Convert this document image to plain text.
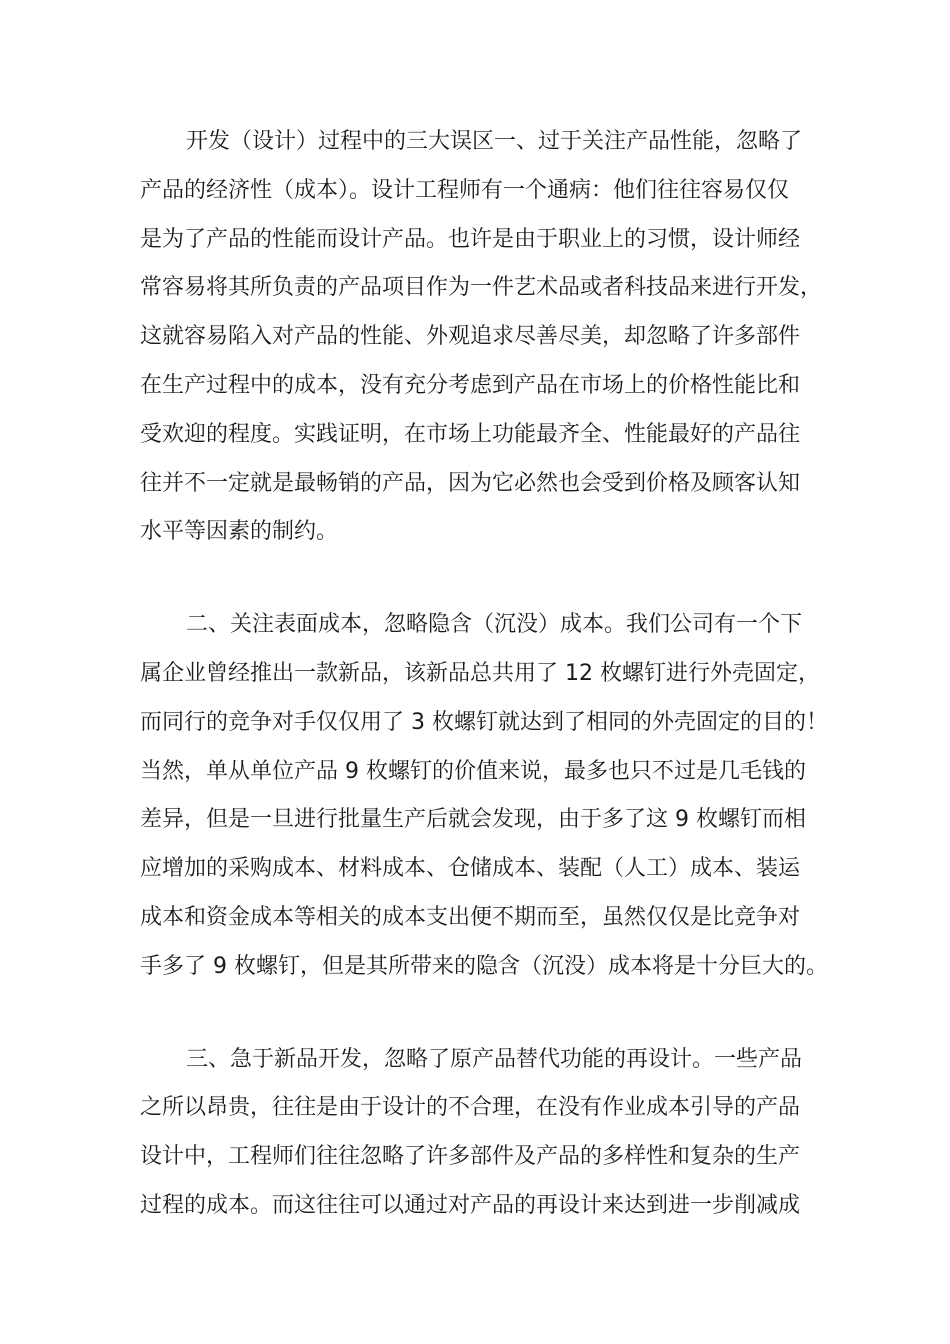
开发（设计）过程中的三大误区一、过于关注产品性能，忽略了
产品的经济性（成本）。设计工程师有一个通病：他们往往容易仅仅
是为了产品的性能而设计产品。也许是由于职业上的习惯，设计师经
常容易将其所负责的产品项目作为一件艺术品或者科技品来进行开发，
这就容易陷入对产品的性能、外观追求尽善尽美，却忽略了许多部件
在生产过程中的成本，没有充分考虑到产品在市场上的价格性能比和
受欢迎的程度。实践证明，在市场上功能最齐全、性能最好的产品往
往并不一定就是最畅销的产品，因为它必然也会受到价格及顾客认知
水平等因素的制约。
二、关注表面成本，忽略隐含（沉没）成本。我们公司有一个下
属企业曾经推出一款新品，该新品总共用了 12 枚螺钉进行外壳固定，
而同行的竞争对手仅仅用了 3 枚螺钉就达到了相同的外壳固定的目的！
当然，单从单位产品 9 枚螺钉的价值来说，最多也只不过是几毛钱的
差异，但是一旦进行批量生产后就会发现，由于多了这 9 枚螺钉而相
应增加的采购成本、材料成本、仓储成本、装配（人工）成本、装运
成本和资金成本等相关的成本支出便不期而至，虽然仅仅是比竞争对
手多了 9 枚螺钉，但是其所带来的隐含（沉没）成本将是十分巨大的。
三、急于新品开发，忽略了原产品替代功能的再设计。一些产品
之所以昂贵，往往是由于设计的不合理，在没有作业成本引导的产品
设计中，工程师们往往忽略了许多部件及产品的多样性和复杂的生产
过程的成本。而这往往可以通过对产品的再设计来达到进一步削减成
